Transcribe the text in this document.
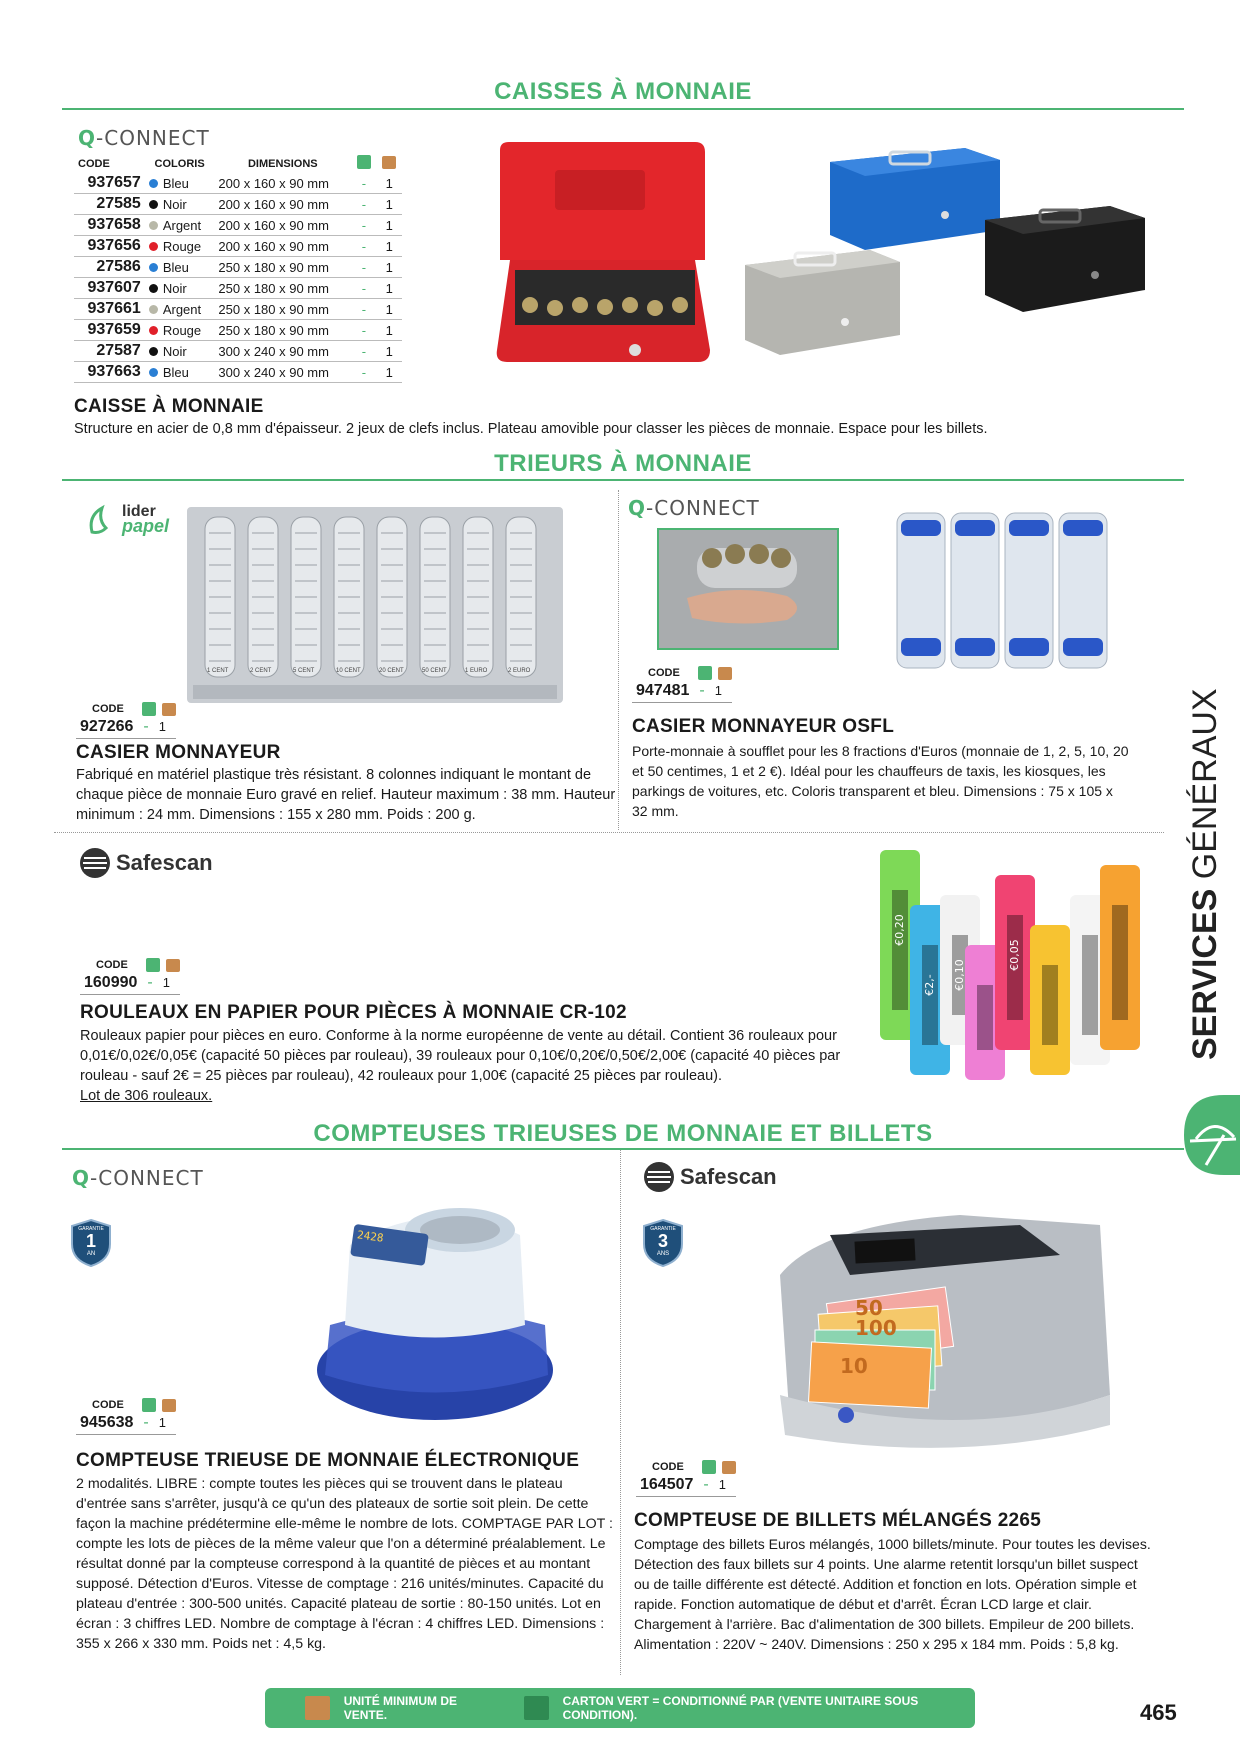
CAISSES À MONNAIE
Q-CONNECT
CODE	COLORIS	DIMENSIONS		
937657	Bleu	200 x 160 x 90 mm	-	1
27585	Noir	200 x 160 x 90 mm	-	1
937658	Argent	200 x 160 x 90 mm	-	1
937656	Rouge	200 x 160 x 90 mm	-	1
27586	Bleu	250 x 180 x 90 mm	-	1
937607	Noir	250 x 180 x 90 mm	-	1
937661	Argent	250 x 180 x 90 mm	-	1
937659	Rouge	250 x 180 x 90 mm	-	1
27587	Noir	300 x 240 x 90 mm	-	1
937663	Bleu	300 x 240 x 90 mm	-	1
CAISSE À MONNAIE
Structure en acier de 0,8 mm d'épaisseur. 2 jeux de clefs inclus. Plateau amovible pour classer les pièces de monnaie. Espace pour les billets.
TRIEURS À MONNAIE
lider
papel
1 CENT	2 CENT	5 CENT	10 CENT	20 CENT	50 CENT	1 EURO	2 EURO
CODE
927266 - 1
CASIER MONNAYEUR
Fabriqué en matériel plastique très résistant. 8 colonnes indiquant le montant de chaque pièce de monnaie Euro gravé en relief. Hauteur maximum : 38 mm. Hauteur minimum : 24 mm. Dimensions : 155 x 280 mm. Poids : 200 g.
Q-CONNECT
CODE
947481 - 1
CASIER MONNAYEUR OSFL
Porte-monnaie à soufflet pour les 8 fractions d'Euros (monnaie de 1, 2, 5, 10, 20 et 50 centimes, 1 et 2 €). Idéal pour les chauffeurs de taxis, les kiosques, les parkings de voitures, etc. Coloris transparent et bleu. Dimensions : 75 x 105 x 32 mm.
Safescan
€0,20
€2,- €0,10
€0,05
CODE
160990 - 1
ROULEAUX EN PAPIER POUR PIÈCES À MONNAIE CR-102
Rouleaux papier pour pièces en euro. Conforme à la norme européenne de vente au détail. Contient 36 rouleaux pour 0,01€/0,02€/0,05€ (capacité 50 pièces par rouleau), 39 rouleaux pour 0,10€/0,20€/0,50€/2,00€ (capacité 40 pièces par rouleau - sauf 2€ = 25 pièces par rouleau), 42 rouleaux pour 1,00€ (capacité 25 pièces par rouleau).
Lot de 306 rouleaux.
COMPTEUSES TRIEUSES DE MONNAIE ET BILLETS
Q-CONNECT
GARANTIE
1
AN
2428
CODE
945638 - 1
COMPTEUSE TRIEUSE DE MONNAIE ÉLECTRONIQUE
2 modalités. LIBRE : compte toutes les pièces qui se trouvent dans le plateau d'entrée sans s'arrêter, jusqu'à ce qu'un des plateaux de sortie soit plein. De cette façon la machine prédétermine elle-même le nombre de lots. COMPTAGE PAR LOT : compte les lots de pièces de la même valeur que l'on a déterminé préalablement. Le résultat donné par la compteuse correspond à la quantité de pièces et au montant supposé. Détection d'Euros. Vitesse de comptage : 216 unités/minutes. Capacité du plateau d'entrée : 300-500 unités. Capacité plateau de sortie : 80-150 unités. Lot en écran : 3 chiffres LED. Nombre de comptage à l'écran : 4 chiffres LED. Dimensions : 355 x 266 x 330 mm. Poids net : 4,5 kg.
Safescan
GARANTIE
3
ANS
50
100
10
CODE
164507 - 1
COMPTEUSE DE BILLETS MÉLANGÉS 2265
Comptage des billets Euros mélangés, 1000 billets/minute. Pour toutes les devises. Détection des faux billets sur 4 points. Une alarme retentit lorsqu'un billet suspect ou de taille différente est détecté. Addition et fonction en lots. Opération simple et rapide. Fonction automatique de début et d'arrêt. Écran LCD large et clair. Chargement à l'arrière. Bac d'alimentation de 300 billets. Empileur de 200 billets. Alimentation : 220V ~ 240V. Dimensions : 250 x 295 x 184 mm. Poids : 5,8 kg.
SERVICES GÉNÉRAUX
UNITÉ MINIMUM DE VENTE.
CARTON VERT = CONDITIONNÉ PAR (VENTE UNITAIRE SOUS CONDITION).	465
